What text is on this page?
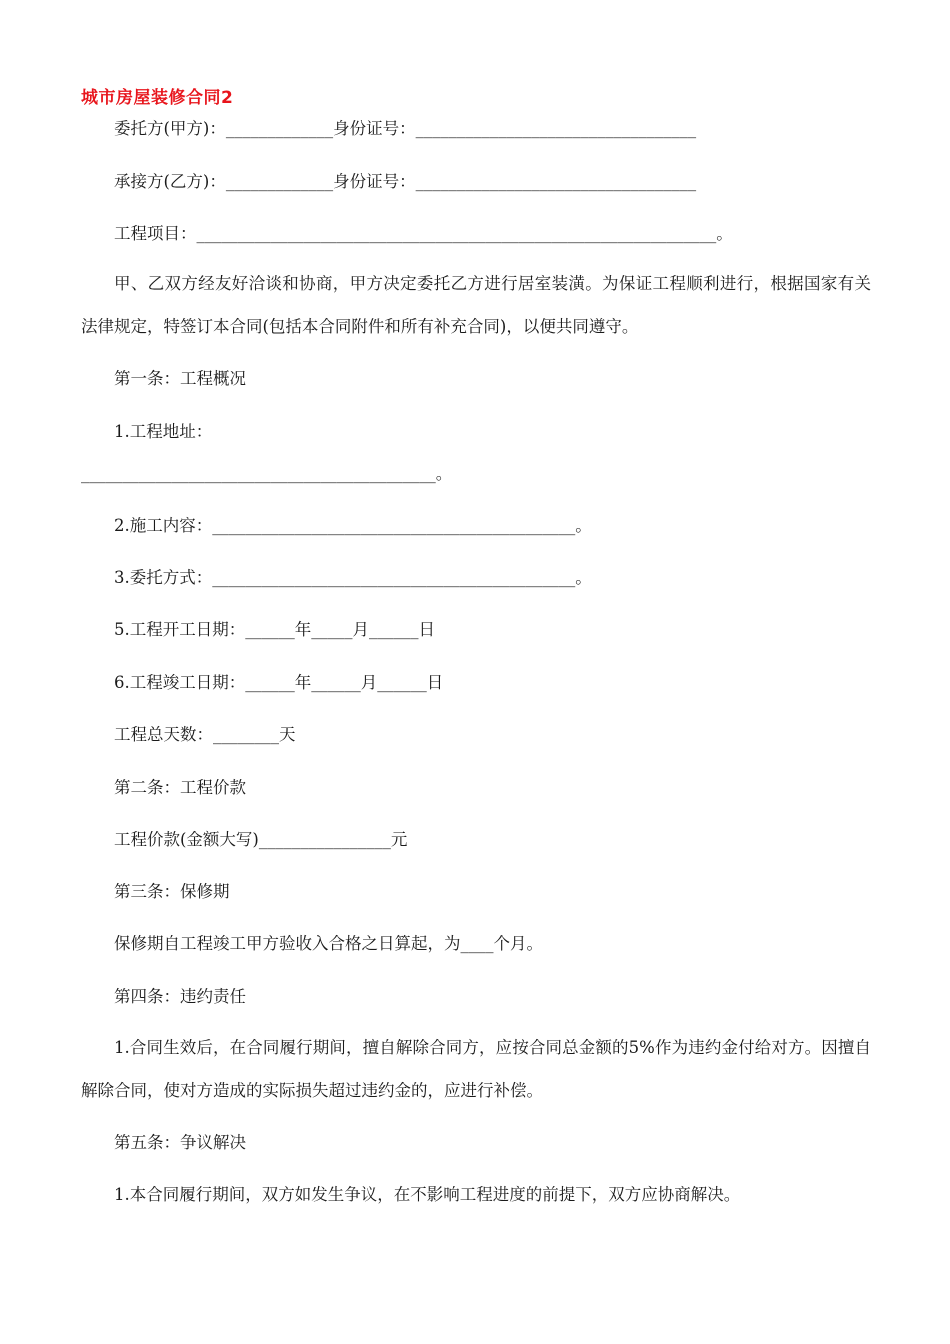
城市房屋装修合同2
委托方(甲方)：_____________身份证号：__________________________________
承接方(乙方)：_____________身份证号：__________________________________
工程项目：_______________________________________________________________。
甲、乙双方经友好洽谈和协商，甲方决定委托乙方进行居室装潢。为保证工程顺利进行，根据国家有关法律规定，特签订本合同(包括本合同附件和所有补充合同)，以便共同遵守。
第一条：工程概况
1.工程地址：
___________________________________________。
2.施工内容：____________________________________________。
3.委托方式：____________________________________________。
5.工程开工日期：______年_____月______日
6.工程竣工日期：______年______月______日
工程总天数：________天
第二条：工程价款
工程价款(金额大写)________________元
第三条：保修期
保修期自工程竣工甲方验收入合格之日算起，为____个月。
第四条：违约责任
1.合同生效后，在合同履行期间，擅自解除合同方，应按合同总金额的5%作为违约金付给对方。因擅自解除合同，使对方造成的实际损失超过违约金的，应进行补偿。
第五条：争议解决
1.本合同履行期间，双方如发生争议，在不影响工程进度的前提下，双方应协商解决。
